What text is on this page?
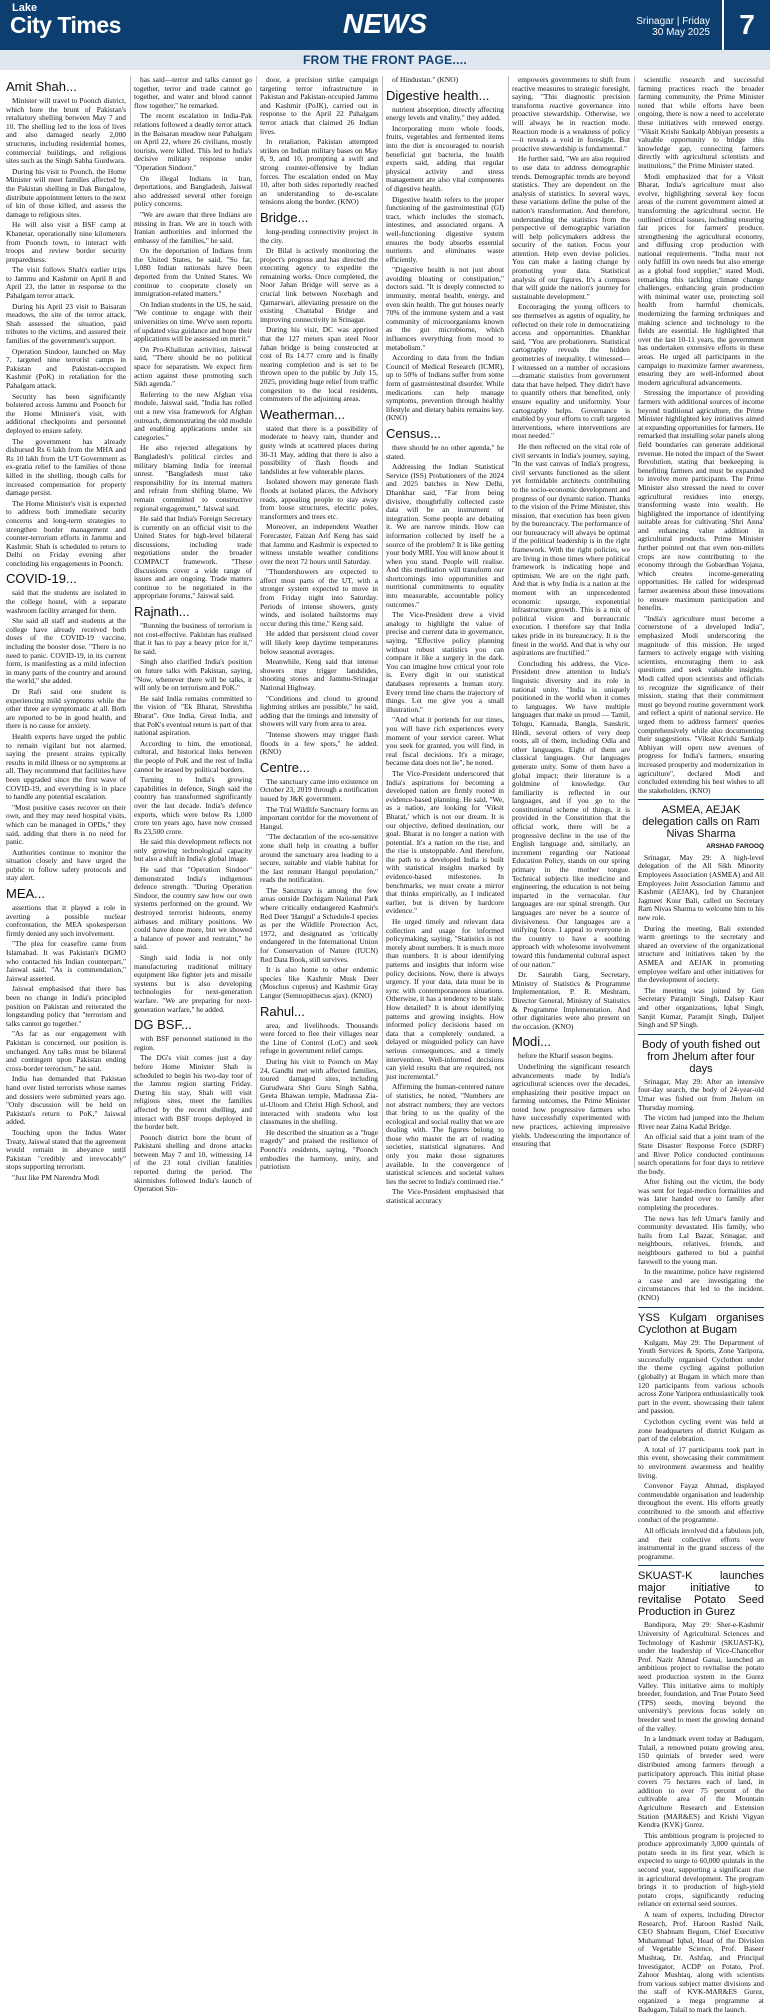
Lake
City Times	NEWS	Srinagar | Friday
30 May 2025	7
FROM THE FRONT PAGE....
Amit Shah...

Minister will travel to Poonch district, which bore the brunt of Pakistan's retaliatory shelling between May 7 and 10. The shelling led to the loss of lives and also damaged nearly 2,000 structures, including residential homes, commercial buildings, and religious sites such as the Singh Sabha Gurdwara.

During his visit to Poonch, the Home Minister will meet families affected by the Pakistan shelling in Dak Bungalow, distribute appointment letters to the next of kin of those killed, and assess the damage to religious sites.

He will also visit a BSF camp at Khanetar, operationally nine kilometers from Poonch town, to interact with troops and review border security preparedness.

The visit follows Shah's earlier trips to Jammu and Kashmir on April 8 and April 23, the latter in response to the Pahalgam terror attack.

During his April 23 visit to Baisaran meadows, the site of the terror attack, Shah assessed the situation, paid tributes to the victims, and assured their families of the government's support.

Operation Sindoor, launched on May 7, targeted nine terrorist camps in Pakistan and Pakistan-occupied Kashmir (PoK) in retaliation for the Pahalgam attack.

Security has been significantly bolstered across Jammu and Poonch for the Home Minister's visit, with additional checkpoints and personnel deployed to ensure safety.

The government has already disbursed Rs 6 lakh from the MHA and Rs 10 lakh from the UT Government as ex-gratia relief to the families of those killed in the shelling, though calls for increased compensation for property damage persist.

The Home Minister's visit is expected to address both immediate security concerns and long-term strategies to strengthen border management and counter-terrorism efforts in Jammu and Kashmir. Shah is scheduled to return to Delhi on Friday evening after concluding his engagements in Poonch.

COVID-19...

said that the students are isolated in the college hostel, with a separate washroom facility arranged for them.

She said all staff and students at the college have already received both doses of the COVID-19 vaccine, including the booster dose. "There is no need to panic. COVID-19, in its current form, is manifesting as a mild infection in many parts of the country and around the world," she added.

Dr Rafi said one student is experiencing mild symptoms while the other three are symptomatic at all. Both are reported to be in good health, and there is no cause for anxiety.

Health experts have urged the public to remain vigilant but not alarmed, saying the present strains typically results in mild illness or no symptoms at all. They recommend that facilities have been upgraded since the first wave of COVID-19, and everything is in place to handle any potential escalation.

"Most positive cases recover on their own, and they may need hospital visits, which can be managed in OPDs," they said, adding that there is no need for panic.

Authorities continue to monitor the situation closely and have urged the public to follow safety protocols and stay alert.

MEA...

assertions that it played a role in averting a possible nuclear confrontation, the MEA spokesperson firmly denied any such involvement.

"The plea for ceasefire came from Islamabad. It was Pakistan's DGMO who contacted his Indian counterpart," Jaiswal said. "As is commendation," Jaiswal asserted.

Jaiswal emphasised that there has been no change in India's principled position on Pakistan and reiterated the longstanding policy that "terrorism and talks cannot go together."

"As far as our engagement with Pakistan is concerned, our position is unchanged. Any talks must be bilateral and contingent upon Pakistan ending cross-border terrorism," he said.

India has demanded that Pakistan hand over listed terrorists whose names and dossiers were submitted years ago. "Only discussion will be held on Pakistan's return to PoK," Jaiswal added.

Touching upon the Indus Water Treaty, Jaiswal stated that the agreement would remain in abeyance until Pakistan "credibly and irrevocably" stops supporting terrorism.

"Just like PM Narendra Modi

has said—terror and talks cannot go together, terror and trade cannot go together, and water and blood cannot flow together," he remarked.

The recent escalation in India-Pak relations followed a deadly terror attack in the Baisaran meadow near Pahalgam on April 22, where 26 civilians, mostly tourists, were killed. This led to India's decisive military response under "Operation Sindoor."

On illegal Indians in Iran, deportations, and Bangladesh, Jaiswal also addressed several other foreign policy concerns.

"We are aware that three Indians are missing in Iran. We are in touch with Iranian authorities and informed the embassy of the families," he said.

On the deportation of Indians from the United States, he said, "So far, 1,080 Indian nationals have been deported from the United States. We continue to cooperate closely on immigration-related matters."

On Indian students in the US, he said, "We continue to engage with their universities on time. We've seen reports of updated visa guidance and hope their applications will be assessed on merit."

On Pro-Khalistan activities, Jaiswal said, "There should be no political space for separatism. We expect firm action against these promoting such Sikh agenda."

Referring to the new Afghan visa module, Jaiswal said, "India has rolled out a new visa framework for Afghan outreach, demonstrating the old module and enabling applications under six categories."

He also rejected allegations by Bangladesh's political circles and military blaming India for internal unrest. "Bangladesh must take responsibility for its internal matters and refrain from shifting blame. We remain committed to constructive regional engagement," Jaiswal said.

He said that India's Foreign Secretary is currently on an official visit to the United States for high-level bilateral discussions, including trade negotiations under the broader COMPACT framework. "These discussions cover a wide range of issues and are ongoing. Trade matters continue to be negotiated in the appropriate forums," Jaiswal said.

Rajnath...

"Running the business of terrorism is not cost-effective. Pakistan has realised that it has to pay a heavy price for it," he said.

Singh also clarified India's position on future talks with Pakistan, saying, "Now, whenever there will be talks, it will only be on terrorism and PoK."

He said India remains committed to the vision of "Ek Bharat, Shreshtha Bharat". One India, Great India, and that PoK's eventual return is part of that national aspiration.

According to him, the emotional, cultural, and historical links between the people of PoK and the rest of India cannot be erased by political borders.

Turning to India's growing capabilities in defence, Singh said the country has transformed significantly over the last decade. India's defence exports, which were below Rs 1,000 crore ten years ago, have now crossed Rs 23,500 crore.

He said this development reflects not only growing technological capacity but also a shift in India's global image.

He said that "Operation Sindoor" demonstrated India's indigenous defence strength. "During Operation Sindoor, the country saw how our own systems performed on the ground. We destroyed terrorist hideouts, enemy airbases and military positions. We could have done more, but we showed a balance of power and restraint," he said.

Singh said India is not only manufacturing traditional military equipment like fighter jets and missile systems but is also developing technologies for next-generation warfare. "We are preparing for next-generation warfare," he added.

DG BSF...

with BSF personnel stationed in the region.

The DG's visit comes just a day before Home Minister Shah is scheduled to begin his two-day tour of the Jammu region starting Friday. During his stay, Shah will visit religious sites, meet the families affected by the recent shelling, and interact with BSF troops deployed in the border belt.

Poonch district bore the brunt of Pakistani shelling and drone attacks between May 7 and 10, witnessing 14 of the 23 total civilian fatalities reported during the period. The skirmishes followed India's launch of Operation Sin-

door, a precision strike campaign targeting terror infrastructure in Pakistan and Pakistan-occupied Jammu and Kashmir (PoJK), carried out in response to the April 22 Pahalgam terror attack that claimed 26 Indian lives.

In retaliation, Pakistan attempted strikes on Indian military bases on May 8, 9, and 10, prompting a swift and strong counter-offensive by Indian forces. The escalation ended on May 10, after both sides reportedly reached an understanding to de-escalate tensions along the border. (KNO)

Bridge...

long-pending connectivity project in the city.

Dr Bilal is actively monitoring the project's progress and has directed the executing agency to expedite the remaining works. Once completed, the Noor Jahan Bridge will serve as a crucial link between Noorbagh and Qamarwari, alleviating pressure on the existing Chattabal Bridge and improving connectivity in Srinagar.

During his visit, DC was apprised that the 127 meters span steel Noor Jahan bridge is being constructed at cost of Rs 14.77 crore and is finally nearing completion and is set to be thrown open to the public by July 15, 2025, providing huge relief from traffic congestion to the local residents, commuters of the adjoining areas.

Weatherman...

stated that there is a possibility of moderate to heavy rain, thunder and gusty winds at scattered places during 30-31 May, adding that there is also a possibility of flash floods and landslides at few vulnerable places.

Isolated showers may generate flash floods at isolated places, the Advisory reads, appealing people to stay away from loose structures, electric poles, transformers and trees etc.

Moreover, an independent Weather Forecaster, Faizan Arif Keng has said that Jammu and Kashmir is expected to witness unstable weather conditions over the next 72 hours until Saturday.

"Thundershowers are expected to affect most parts of the UT, with a stronger system expected to move in from Friday night into Saturday. Periods of intense showers, gusty winds, and isolated hailstorms may occur during this time," Keng said.

He added that persistent cloud cover will likely keep daytime temperatures below seasonal averages.

Meanwhile, Keng said that intense showers may trigger landslides, shooting stones and Jammu-Srinagar National Highway.

"Conditions and cloud to ground lightning strikes are possible," he said, adding that the timings and intensity of showers will vary from area to area.

"Intense showers may trigger flash floods in a few spots," he added. (KNO)

Centre...

The sanctuary came into existence on October 23, 2019 through a notification issued by J&K government.

The Tral Wildlife Sanctuary forms an important corridor for the movement of Hangul.

"The declaration of the eco-sensitive zone shall help in creating a buffer around the sanctuary area leading to a secure, suitable and viable habitat for the last remnant Hangul population," reads the notification.

The Sanctuary is among the few areas outside Dachigam National Park where critically endangered Kashmir's Red Deer 'Hangul' a Schedule-I species as per the Wildlife Protection Act, 1972, and designated as 'critically endangered' in the International Union for Conservation of Nature (IUCN) Red Data Book, still survives.

It is also home to other endemic species like Kashmir Musk Deer (Moschus cupreus) and Kashmir Gray Langur (Semnopithecus ajax). (KNO)

Rahul...

area, and livelihoods. Thousands were forced to flee their villages near the Line of Control (LoC) and seek refuge in government relief camps.

During his visit to Poonch on May 24, Gandhi met with affected families, toured damaged sites, including Gurudwara Shri Guru Singh Sabha, Geeta Bhawan temple, Madrassa Zia-ul-Uloom and Christ High School, and interacted with students who lost classmates in the shelling.

He described the situation as a "huge tragedy" and praised the resilience of Poonch's residents, saying, "Poonch embodies the harmony, unity, and patriotism

of Hindustan." (KNO)

Digestive health...

nutrient absorption, directly affecting energy levels and vitality," they added.

Incorporating more whole foods, fruits, vegetables and fermented items into the diet is encouraged to nourish beneficial gut bacteria, the health experts said, adding that regular physical activity and stress management are also vital components of digestive health.

Digestive health refers to the proper functioning of the gastrointestinal (GI) tract, which includes the stomach, intestines, and associated organs. A well-functioning digestive system ensures the body absorbs essential nutrients and eliminates waste efficiently.

"Digestive health is not just about avoiding bloating or constipation," doctors said. "It is deeply connected to immunity, mental health, energy, and even skin health. The gut houses nearly 70% of the immune system and a vast community of microorganisms known as the gut microbiome, which influences everything from mood to metabolism."

According to data from the Indian Council of Medical Research (ICMR), up to 50% of Indians suffer from some form of gastrointestinal disorder. While medications can help manage symptoms, prevention through healthy lifestyle and dietary habits remains key. (KNO)

Census...

there should be no other agenda," he stated.

Addressing the Indian Statistical Service (ISS) Probationers of the 2024 and 2025 batches in New Delhi, Dhankhar said, "Far from being divisive, thoughtfully collected caste data will be an instrument of integration. Some people are debating it. We are narrow minds. How can information collected by itself be a source of the problem? It is like getting your body MRI. You will know about it when you stand. People will realise. And this meditation will transform our shortcomings into opportunities and nutritional commitments to equality into measurable, accountable policy outcomes."

The Vice-President drew a vivid analogy to highlight the value of precise and current data in governance, saying, "Effective policy planning without robust statistics you can compare it like a surgery in the dark. You can imagine how critical your role is. Every digit in our statistical databases represents a human story. Every trend line charts the trajectory of things. Let me give you a small illustration."

"And what it portends for our times, you will have rich experiences every moment of your service career. What you seek for granted, you will find, in real fiscal decisions. It's a mirage, because data does not lie", he noted.

The Vice-President underscored that India's aspirations for becoming a developed nation are firmly rooted in evidence-based planning. He said, "We, as a nation, are looking for 'Viksit Bharat,' which is not our dream. It is our objective, defined destination, our goal. Bharat is no longer a nation with potential. It's a nation on the rise, and the rise is unstoppable. And therefore, the path to a developed India is built with statistical insights marked by evidence-based milestones. In benchmarks, we must create a mirror that thinks empirically, as I indicated earlier, but is driven by hardcore evidence."

He urged timely and relevant data collection and usage for informed policymaking, saying, "Statistics is not merely about numbers. It is much more than numbers. It is about identifying patterns and insights that inform wise policy decisions. Now, there is always urgency. If your data, data must be in sync with contemporaneous situations. Otherwise, it has a tendency to be stale. How detailed? It is about identifying patterns and growing insights. How informed policy decisions based on data that a completely outdated, a delayed or misguided policy can have serious consequences, and a timely intervention. Well-informed decisions can yield results that are required, not just incremental."

Affirming the human-centered nature of statistics, he noted, "Numbers are not abstract numbers; they are vectors that bring to us the quality of the ecological and social reality that we are dealing with. The figures belong to those who master the art of reading societies, statistical signatures. And only you make those signatures available. In the convergence of statistical sciences and societal values lies the secret to India's continued rise."

The Vice-President emphasised that statistical accuracy

empowers governments to shift from reactive measures to strategic foresight, saying, "This diagnostic precision transforms reactive governance into proactive stewardship. Otherwise, we will always be in reaction mode. Reaction mode is a weakness of policy—it reveals a void in foresight. But proactive stewardship is fundamental."

He further said, "We are also required to use data to address demographic trends. Demographic trends are beyond statistics. They are dependent on the analysis of statistics. In several ways, these variations define the pulse of the nation's transformation. And therefore, understanding the statistics from the perspective of demographic variation will help policymakers address the security of the nation. Focus your attention. Help even devise policies. You can make a lasting change by promoting your data. Statistical analysis of our figures. It's a compass that will guide the nation's journey for sustainable development."

Encouraging the young officers to see themselves as agents of equality, he reflected on their role in democratizing access and opportunities. Dhankhar said, "You are probationers. Statistical cartography reveals the hidden geometries of inequality. I witnessed—I witnessed on a number of occasions—dramatic statistics from government data that have helped. They didn't have to quantify others that benefited, only ensure equality and uniformity. Your cartography helps. Governance is enabled by your efforts to craft targeted interventions, where interventions are most needed."

He then reflected on the vital role of civil servants in India's journey, saying, "In the vast canvas of India's progress, civil servants functioned as the silent yet formidable architects contributing to the socio-economic development and progress of our dynamic nation. Thanks to the vision of the Prime Minister, this mission, that execution has been given by the bureaucracy. The performance of our bureaucracy will always be optimal if the political leadership is in the right framework. With the right policies, we are living in those times where political framework is indicating hope and optimism. We are on the right path. And that is why India is a nation at the moment with an unprecedented economic upsurge, exponential infrastructure growth. This is a mix of political vision and bureaucratic execution. I therefore say that India takes pride in its bureaucracy. It is the finest in the world. And that is why our aspirations are fructified."

Concluding his address, the Vice-President drew attention to India's linguistic diversity and its role in national unity. "India is uniquely positioned in the world when it comes to languages. We have multiple languages that make us proud — Tamil, Telugu, Kannada, Bangla, Sanskrit, Hindi, several others of very deep roots, all of them, including Odia and other languages. Eight of them are classical languages. Our languages generate unity. Some of them have a global impact; their literature is a goldmine of knowledge. Our familiarity is reflected in our languages, and if you go to the constitutional scheme of things, it is provided in the Constitution that the official work, there will be a progressive decline in the use of the English language and, similarly, an increment regarding our National Education Policy, stands on our spring primary in the mother tongue. Technical subjects like medicine and engineering, the education is not being imparted in the vernacular. Our languages are our spinal strength. Our languages are never be a source of divisiveness. Our languages are a unifying force. I appeal to everyone in the country to have a soothing approach with wholesome involvement toward this fundamental cultural aspect of our nation."

Dr. Saurabh Garg, Secretary, Ministry of Statistics & Programme Implementation, P. R. Meshram, Director General, Ministry of Statistics & Programme Implementation. And other dignitaries were also present on the occasion. (KNO)

Modi...

before the Kharif season begins.

Underlining the significant research advancements made by India's agricultural sciences over the decades, emphasizing their positive impact on farming outcomes, the Prime Minister noted how progressive farmers who have successfully experimented with new practices, achieving impressive yields. Underscoring the importance of ensuring that

scientific research and successful farming practices reach the broader farming community, the Prime Minister noted that while efforts have been ongoing, there is now a need to accelerate these initiatives with renewed energy. "Viksit Krishi Sankalp Abhiyan presents a valuable opportunity to bridge this knowledge gap, connecting farmers directly with agricultural scientists and institutions," the Prime Minister stated.

Modi emphasized that for a Viksit Bharat, India's agriculture must also evolve, highlighting several key focus areas of the current government aimed at transforming the agricultural sector. He outlined critical issues, including ensuring fair prices for farmers' produce, strengthening the agricultural economy, and diffusing crop production with national requirements. "India must not only fulfill its own needs but also emerge as a global food supplier," stated Modi, remarking this tackling climate change challenges, enhancing grain production with minimal water use, protecting soil health from harmful chemicals, modernizing the farming techniques and making science and technology to the fields are essential. He highlighted that over the last 10-11 years, the government has undertaken extensive efforts in these areas. He urged all participants in the campaign to maximize farmer awareness, ensuring they are well-informed about modern agricultural advancements.

Stressing the importance of providing farmers with additional sources of income beyond traditional agriculture, the Prime Minister highlighted key initiatives aimed at expanding opportunities for farmers. He remarked that installing solar panels along field boundaries can generate additional revenue. He noted the impact of the Sweet Revolution, stating that beekeeping is benefiting farmers and must be expanded to involve more participants. The Prime Minister also stressed the need to cover agricultural residues into energy, transforming waste into wealth. He highlighted the importance of identifying suitable areas for cultivating 'Shri Anna' and enhancing value addition in agricultural products. Prime Minister further pointed out that even non-millets crops are now contributing to the economy through the Gobardhan Yojana, which creates income-generating opportunities. He called for widespread farmer awareness about these innovations to ensure maximum participation and benefits.

"India's agriculture must become a cornerstone of a developed India", emphasized Modi underscoring the magnitude of this mission. He urged farmers to actively engage with visiting scientists, encouraging them to ask questions and seek valuable insights. Modi called upon scientists and officials to recognize the significance of their mission, stating that their commitment must go beyond routine government work and reflect a spirit of national service. He urged them to address farmers' queries comprehensively while also documenting their suggestions. "Viksit Krishi Sankalp Abhiyan will open new avenues of progress for India's farmers, ensuring increased prosperity and modernization in agriculture", declared Modi and concluded extending his best wishes to all the stakeholders. (KNO)

ASMEA, AEJAK delegation calls on Ram Nivas Sharma
ARSHAD FAROOQ

Srinagar, May 29: A high-level delegation of the All Sikh Minority Employees Association (ASMEA) and All Employees Joint Association Jammu and Kashmir (AEJAK), led by Charanjeet Jagmeet Kour Bali, called on Secretary Ram Nivas Sharma to welcome him to his new role.

During the meeting, Bali extended warm greetings to the secretary and shared an overview of the organizational structure and initiatives taken by the ASMEA and AEJAK in promoting employee welfare and other initiatives for the development of society.

The meeting was joined by Gen Secretary Paramjit Singh, Dalsep Kaur and other organizations, Iqbal Singh, Sanjit Kumar, Paramjit Singh, Daljeet Singh and SP Singh.

Body of youth fished out from Jhelum after four days

Srinagar, May 29: After an intensive four-day search, the body of 24-year-old Umar was fished out from Jhelum on Thursday morning.

The victim had jumped into the Jhelum River near Zaina Kadal Bridge.

An official said that a joint team of the State Disaster Response Force (SDRF) and River Police conducted continuous search operations for four days to retrieve the body.

After fishing out the victim, the body was sent for legal-medico formalities and was later handed over to family after completing the procedures.

The news has left Umar's family and community devastated. His family, who hails from Lal Bazar, Srinagar, and neighbours, relatives, friends, and neighbours gathered to bid a painful farewell to the young man.

In the meantime, police have registered a case and are investigating the circumstances that led to the incident. (KNO)

YSS Kulgam organises Cyclothon at Bugam

Kulgam, May 29: The Department of Youth Services & Sports, Zone Yaripora, successfully organised Cyclothon under the theme cycling against pollution (globally) at Bugam in which more than 120 participants from various schools across Zone Yaripora enthusiastically took part in the event, showcasing their talent and passion.

Cyclothon cycling event was held at zone headquarters of district Kulgam as part of the celebration.

A total of 17 participants took part in this event, showcasing their commitment to environment awareness and healthy living.

Convenor Fayaz Ahmad, displayed commendable organisation and leadership throughout the event. His efforts greatly contributed to the smooth and effective conduct of the programme.

All officials involved did a fabulous job, and their collective efforts were instrumental in the grand success of the programme.

SKUAST-K launches major initiative to revitalise Potato Seed Production in Gurez

Bandipora, May 29: Sher-e-Kashmir University of Agricultural Sciences and Technology of Kashmir (SKUAST-K), under the leadership of Vice-Chancellor Prof. Nazir Ahmad Ganai, launched an ambitious project to revitalise the potato seed production system in the Gurez Valley. This initiative aims to multiply breeder, foundation, and True Potato Seed (TPS) seeds, moving beyond the university's previous focus solely on breeder seed to meet the growing demand of the valley.

In a landmark event today at Badugam, Tulail, a renowned potato growing area, 150 quintals of breeder seed were distributed among farmers through a participatory approach. This initial phase covers 75 hectares each of land, in addition to over 75 percent of the cultivable area of the Mountain Agriculture Research and Extension Station (MAR&ES) and Krishi Vigyan Kendra (KVK) Gurez.

This ambitious program is projected to produce approximately 3,000 quintals of potato seeds in its first year, which is expected to surge to 60,000 quintals in the second year, supporting a significant rise in agricultural development. The program brings it to production of high-yield potato crops, significantly reducing reliance on external seed sources.

A team of experts, including Director Research, Prof. Haroon Rashid Naik, CEO Shabnam Begum, Chief Executive Muhammad Iqbal, Head of the Division of Vegetable Science, Prof. Baseer Mushtaq, Dr. Ashfaq, and Principal Investigator, ACDP on Potato, Prof. Zahoor Mushtaq, along with scientists from various subject matter divisions and the staff of KVK-MAR&ES Gurez, organized a mega programme at Badugam, Tulail to mark the launch.
